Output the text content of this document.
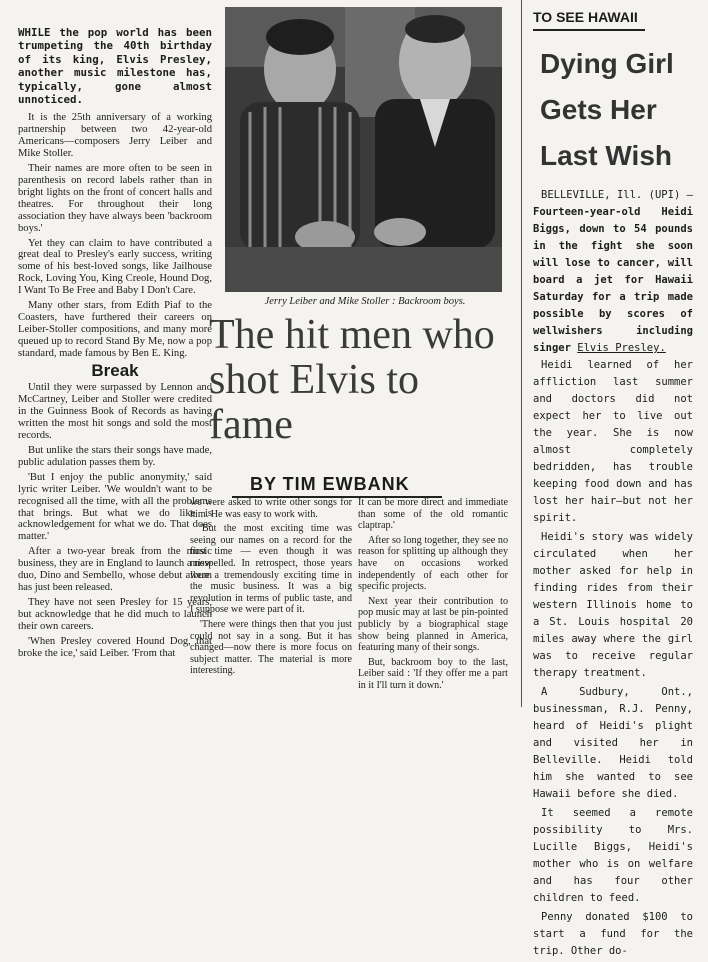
WHILE the pop world has been trumpeting the 40th birthday of its king, Elvis Presley, another music milestone has, typically, gone almost unnoticed.

It is the 25th anniversary of a working partnership between two 42-year-old Americans—composers Jerry Leiber and Mike Stoller.

Their names are more often to be seen in parenthesis on record labels rather than in bright lights on the front of concert halls and theatres. For throughout their long association they have always been 'backroom boys.'

Yet they can claim to have contributed a great deal to Presley's early success, writing some of his best-loved songs, like Jailhouse Rock, Loving You, King Creole, Hound Dog, I Want To Be Free and Baby I Don't Care.

Many other stars, from Edith Piaf to the Coasters, have furthered their careers on Leiber-Stoller compositions, and many more queued up to record Stand By Me, now a pop standard, made famous by Ben E. King.

Break

Until they were surpassed by Lennon and McCartney, Leiber and Stoller were credited in the Guinness Book of Records as having written the most hit songs and sold the most records.

But unlike the stars their songs have made, public adulation passes them by.

'But I enjoy the public anonymity,' said lyric writer Leiber. 'We wouldn't want to be recognised all the time, with all the problems that brings. But what we do like is acknowledgement for what we do. That does matter.'

After a two-year break from the music business, they are in England to launch a new duo, Dino and Sembello, whose debut album has just been released.

They have not seen Presley for 15 years, but acknowledge that he did much to launch their own careers.

'When Presley covered Hound Dog, that broke the ice,' said Leiber. 'From that

Jerry Leiber and Mike Stoller : Backroom boys.
The hit men who shot Elvis to fame
BY TIM EWBANK

we were asked to write other songs for him. He was easy to work with.

'But the most exciting time was seeing our names on a record for the first time — even though it was misspelled. In retrospect, those years were a tremendously exciting time in the music business. It was a big revolution in terms of public taste, and I suppose we were part of it.

'There were things then that you just could not say in a song. But it has changed—now there is more focus on subject matter. The material is more interesting.

It can be more direct and immediate than some of the old romantic claptrap.'

After so long together, they see no reason for splitting up although they have on occasions worked independently of each other for specific projects.

Next year their contribution to pop music may at last be pin-pointed publicly by a biographical stage show being planned in America, featuring many of their songs.

But, backroom boy to the last, Leiber said : 'If they offer me a part in it I'll turn it down.'

TO SEE HAWAII
Dying Girl Gets Her Last Wish

BELLEVILLE, Ill. (UPI) — Fourteen-year-old Heidi Biggs, down to 54 pounds in the fight she soon will lose to cancer, will board a jet for Hawaii Saturday for a trip made possible by scores of wellwishers including singer Elvis Presley.

Heidi learned of her affliction last summer and doctors did not expect her to live out the year. She is now almost completely bedridden, has trouble keeping food down and has lost her hair—but not her spirit.

Heidi's story was widely circulated when her mother asked for help in finding rides from their western Illinois home to a St. Louis hospital 20 miles away where the girl was to receive regular therapy treatment.

A Sudbury, Ont., businessman, R.J. Penny, heard of Heidi's plight and visited her in Belleville. Heidi told him she wanted to see Hawaii before she died.

It seemed a remote possibility to Mrs. Lucille Biggs, Heidi's mother who is on welfare and has four other children to feed.

Penny donated $100 to start a fund for the trip. Other do-
